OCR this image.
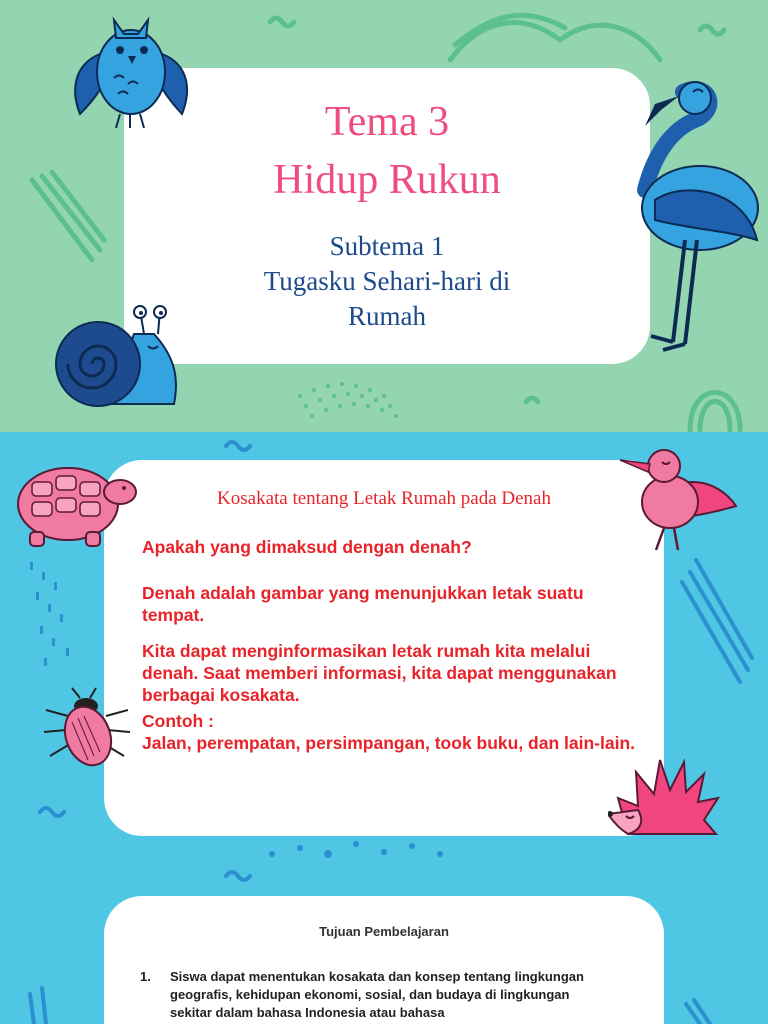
Tema 3
Hidup Rukun

Subtema 1

Tugasku Sehari-hari di

Rumah

Kosakata tentang Letak Rumah pada Denah

Apakah yang dimaksud dengan denah?

Denah adalah gambar yang menunjukkan letak suatu tempat.

Kita dapat menginformasikan letak rumah kita melalui denah. Saat memberi informasi, kita dapat menggunakan berbagai kosakata.

Contoh :

Jalan, perempatan, persimpangan, took buku, dan lain-lain.

Tujuan Pembelajaran
1. Siswa dapat menentukan kosakata dan konsep tentang lingkungan geografis, kehidupan ekonomi, sosial, dan budaya di lingkungan sekitar dalam bahasa Indonesia atau bahasa
